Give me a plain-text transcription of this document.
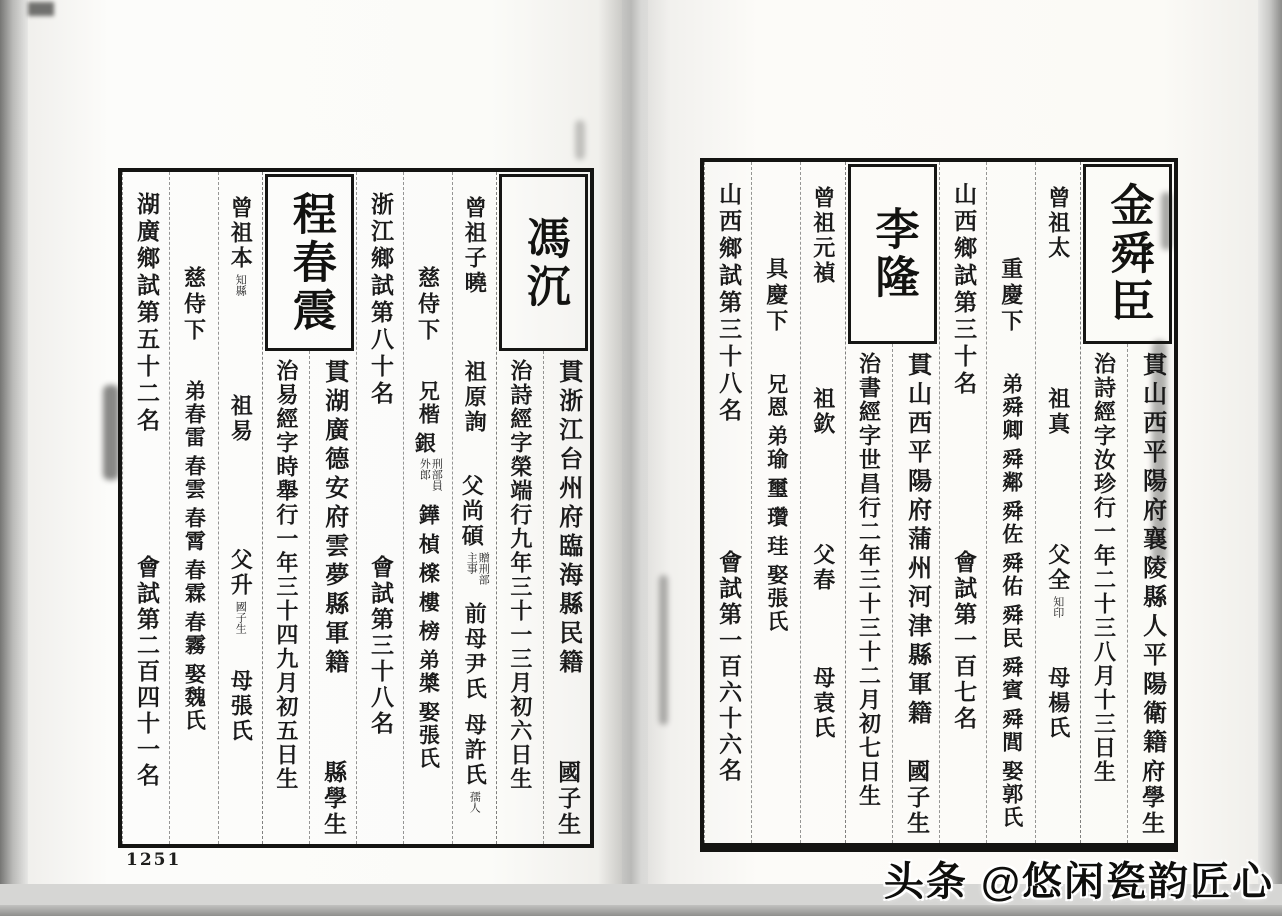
金舜臣
貫山西平陽府襄陵縣人平陽衛籍
府學生
治詩經字汝珍行一年二十三八月十三日生
曾祖太
祖真
父全知印
母楊氏
重慶下
弟舜卿
舜鄰
舜佐
舜佑
舜民
舜賓
舜閭
娶郭氏
山西鄉試第三十名
會試第一百七名
李隆
貫山西平陽府蒲州河津縣軍籍
國子生
治書經字世昌行二年三十三十二月初七日生
曾祖元禎
祖欽
父春
母袁氏
具慶下
兄恩
弟瑜
璽
瓚
珪
娶張氏
山西鄉試第三十八名
會試第一百六十六名
馮沉
貫浙江台州府臨海縣民籍
國子生
治詩經字榮端行九年三十一三月初六日生
曾祖子曉
祖原詢
父尚碩贈刑部主事
前母尹氏
母許氏孺人
慈侍下
兄楷
銀刑部員外郎
鏵
楨
檪
樓
榜
弟槳
娶張氏
浙江鄉試第八十名
會試第三十八名
程春震
貫湖廣德安府雲夢縣軍籍
縣學生
治易經字時舉行一年三十四九月初五日生
曾祖本知縣
祖易
父升國子生
母張氏
慈侍下
弟春雷
春雲
春霄
春霖
春霧
娶魏氏
湖廣鄉試第五十二名
會試第二百四十一名
1251	头条 @悠闲瓷韵匠心
